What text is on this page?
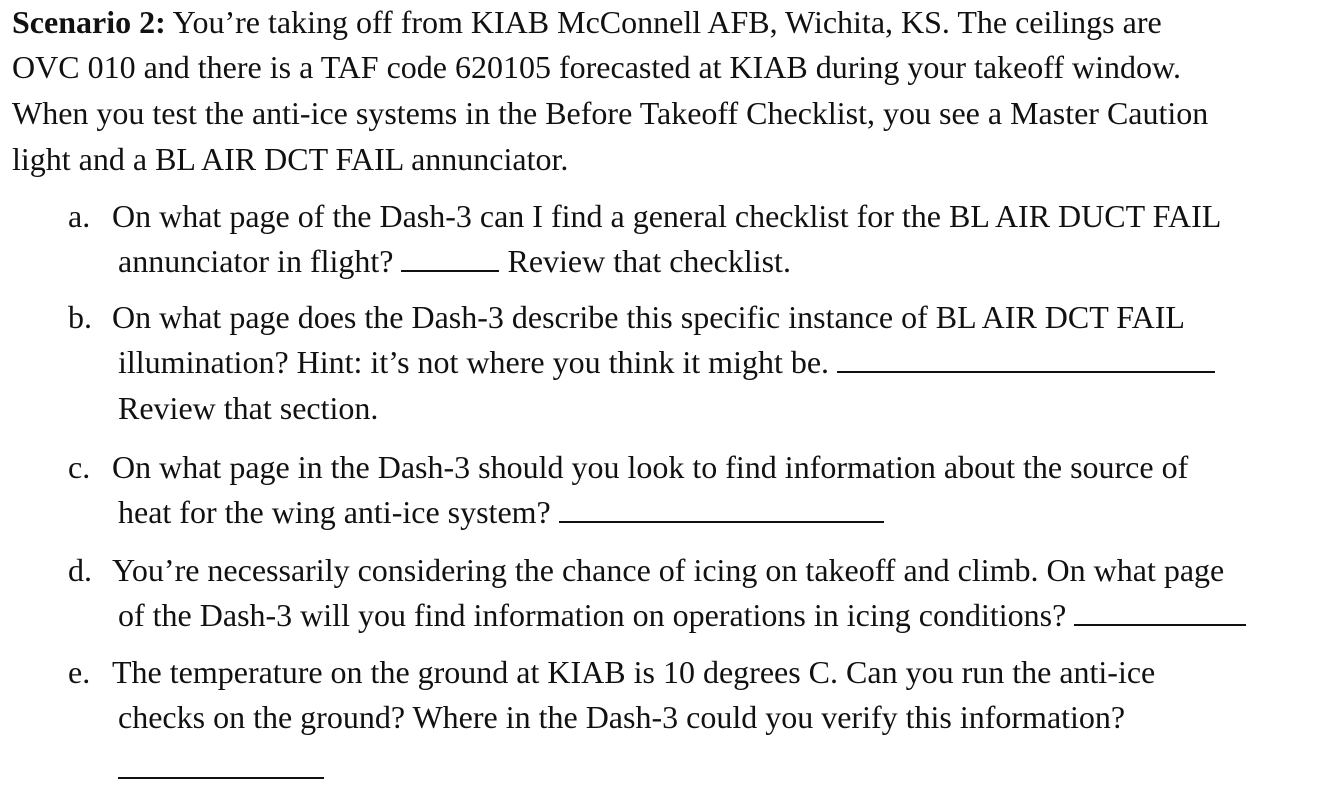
Scenario 2: You’re taking off from KIAB McConnell AFB, Wichita, KS. The ceilings are
OVC 010 and there is a TAF code 620105 forecasted at KIAB during your takeoff window.
When you test the anti-ice systems in the Before Takeoff Checklist, you see a Master Caution
light and a BL AIR DCT FAIL annunciator.
a. On what page of the Dash-3 can I find a general checklist for the BL AIR DUCT FAIL
annunciator in flight?	Review that checklist.
b. On what page does the Dash-3 describe this specific instance of BL AIR DCT FAIL
illumination? Hint: it’s not where you think it might be.
Review that section.
c. On what page in the Dash-3 should you look to find information about the source of
heat for the wing anti-ice system?
d. You’re necessarily considering the chance of icing on takeoff and climb. On what page
of the Dash-3 will you find information on operations in icing conditions?
e. The temperature on the ground at KIAB is 10 degrees C. Can you run the anti-ice
checks on the ground? Where in the Dash-3 could you verify this information?
